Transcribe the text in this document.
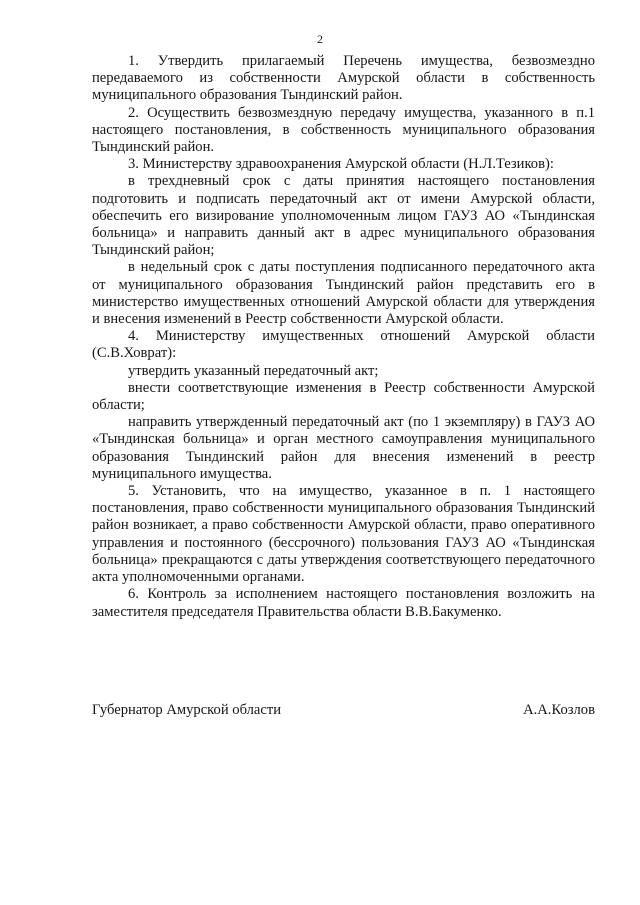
2

1. Утвердить прилагаемый Перечень имущества, безвозмездно передаваемого из собственности Амурской области в собственность муниципального образования Тындинский район.

2. Осуществить безвозмездную передачу имущества, указанного в п.1 настоящего постановления, в собственность муниципального образования Тындинский район.

3. Министерству здравоохранения Амурской области (Н.Л.Тезиков):

в трехдневный срок с даты принятия настоящего постановления подготовить и подписать передаточный акт от имени Амурской области, обеспечить его визирование уполномоченным лицом ГАУЗ АО «Тындинская больница» и направить данный акт в адрес муниципального образования Тындинский район;

в недельный срок с даты поступления подписанного передаточного акта от муниципального образования Тындинский район представить его в министерство имущественных отношений Амурской области для утверждения и внесения изменений в Реестр собственности Амурской области.

4. Министерству имущественных отношений Амурской области (С.В.Ховрат):

утвердить указанный передаточный акт;

внести соответствующие изменения в Реестр собственности Амурской области;

направить утвержденный передаточный акт (по 1 экземпляру) в ГАУЗ АО «Тындинская больница» и орган местного самоуправления муниципального образования Тындинский район для внесения изменений в реестр муниципального имущества.

5. Установить, что на имущество, указанное в п. 1 настоящего постановления, право собственности муниципального образования Тындинский район возникает, а право собственности Амурской области, право оперативного управления и постоянного (бессрочного) пользования ГАУЗ АО «Тындинская больница» прекращаются с даты утверждения соответствующего передаточного акта уполномоченными органами.

6. Контроль за исполнением настоящего постановления возложить на заместителя председателя Правительства области В.В.Бакуменко.

Губернатор Амурской области	А.А.Козлов
